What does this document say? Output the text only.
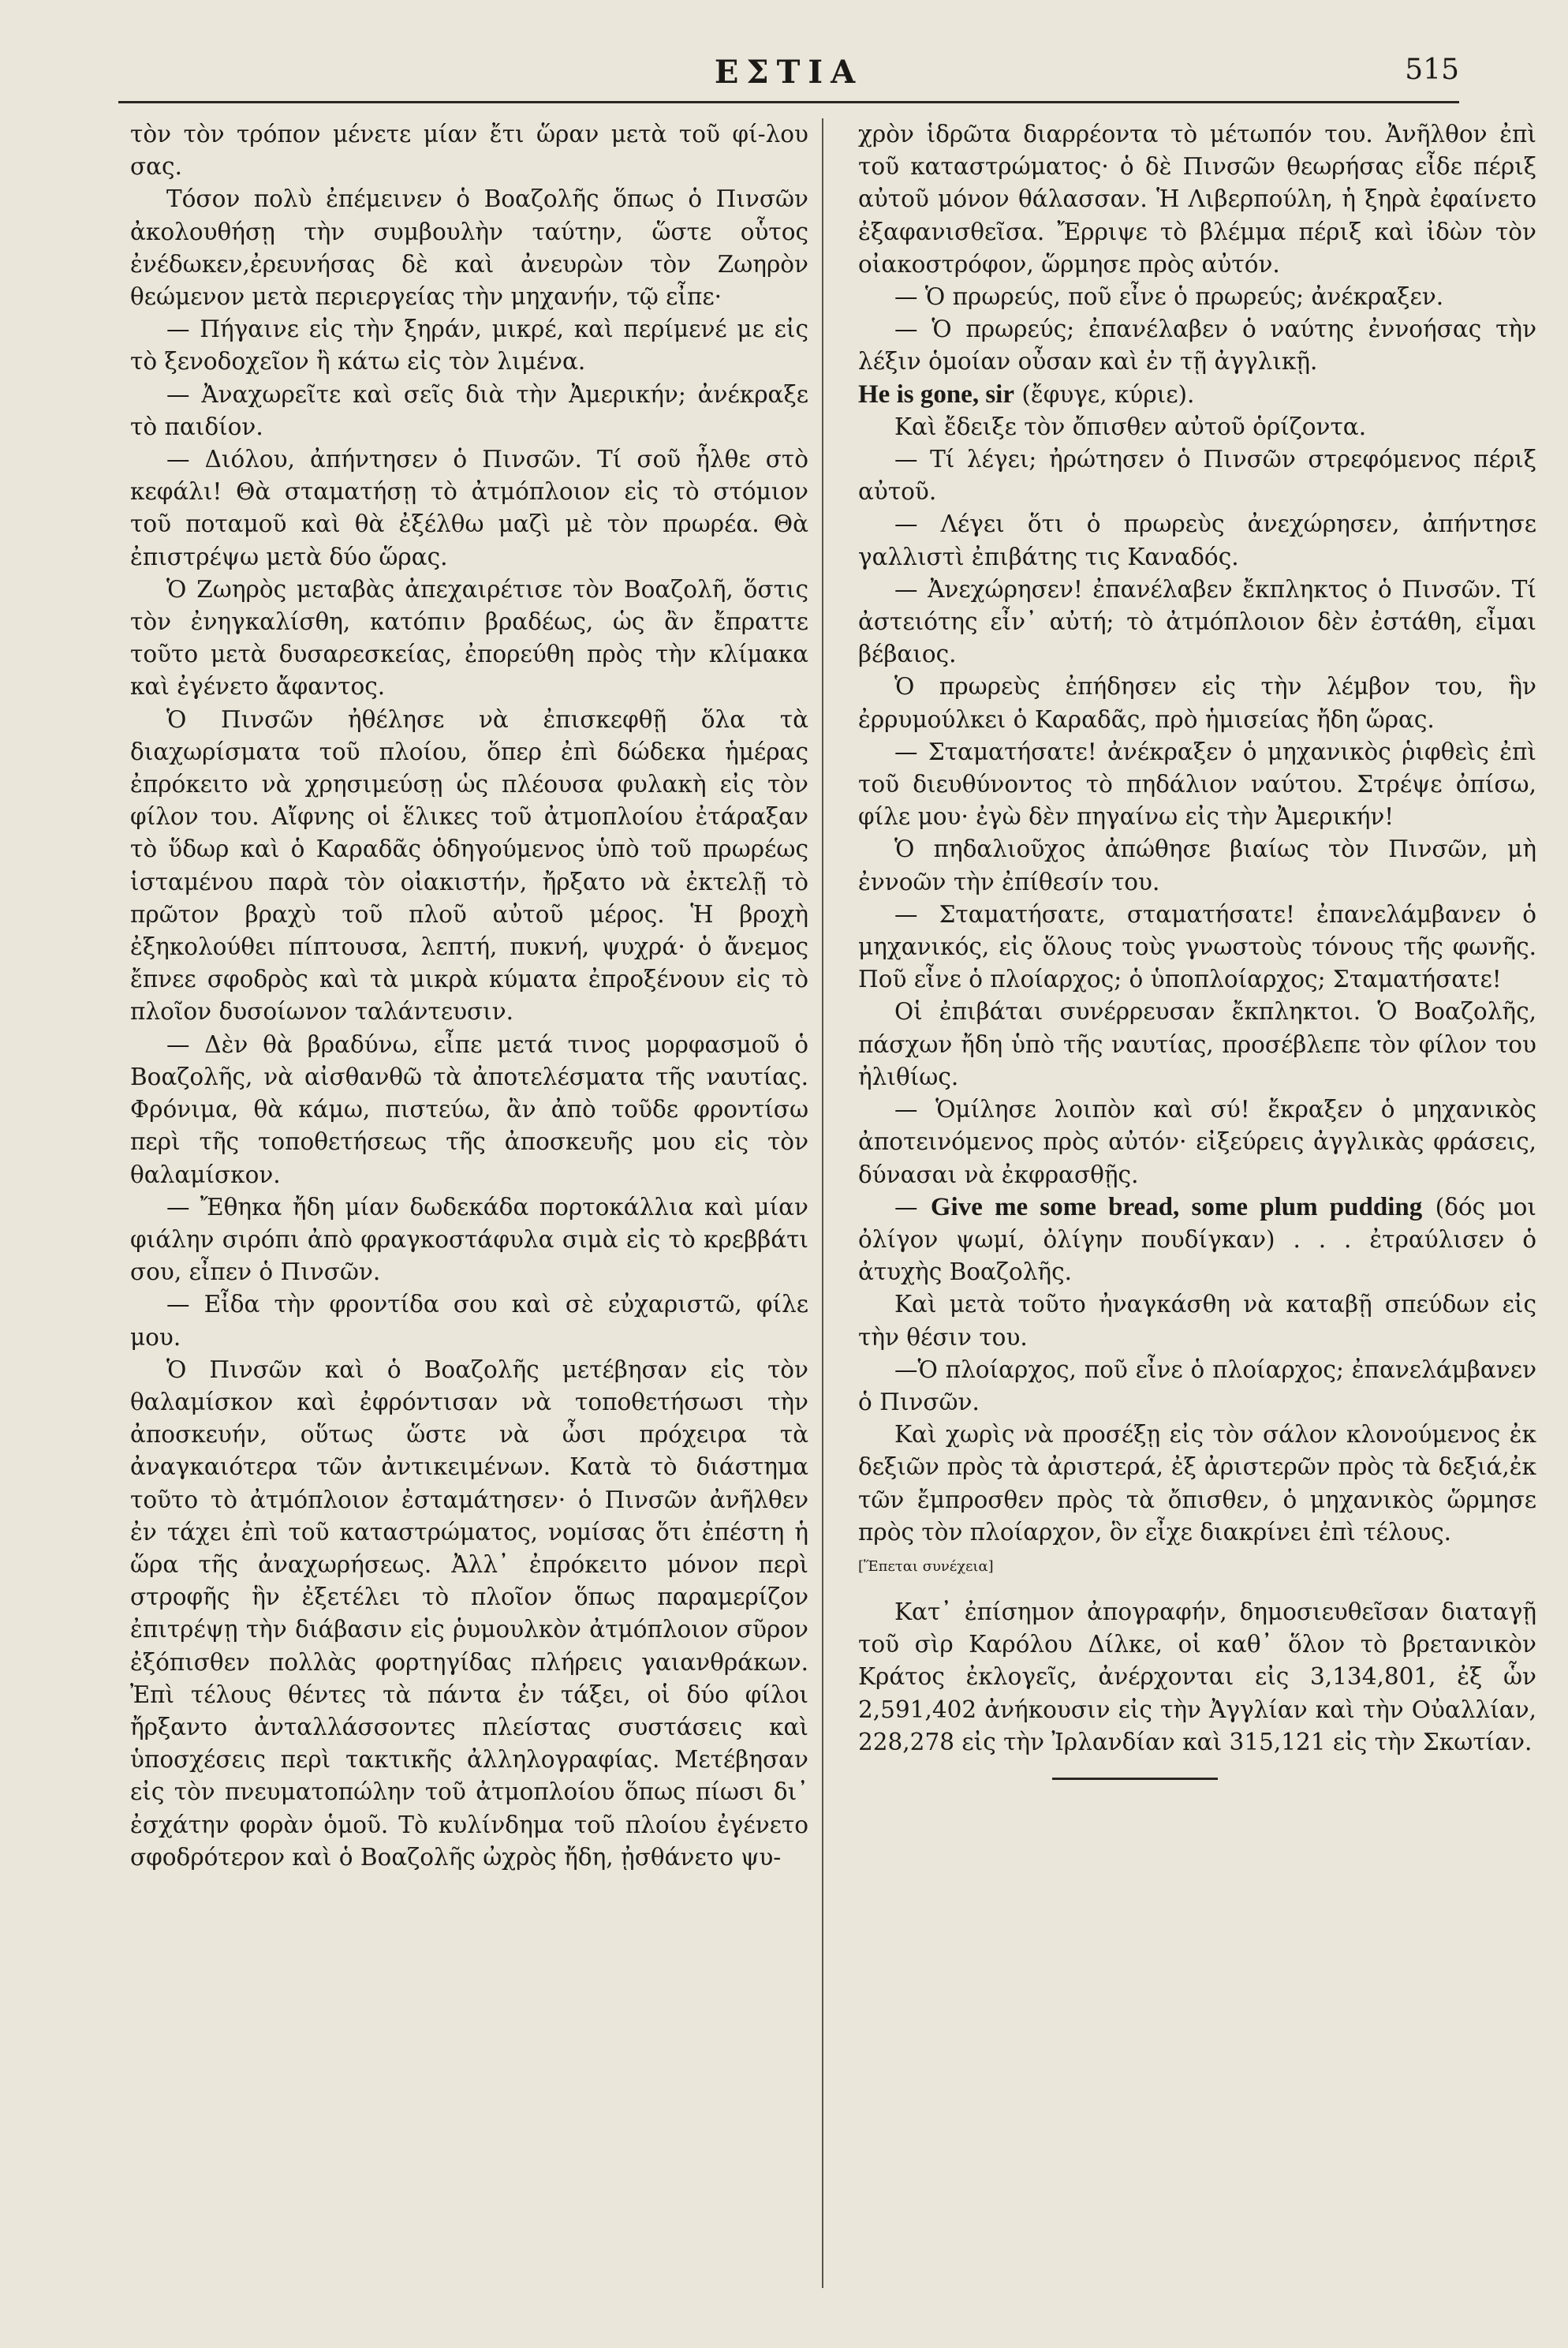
ΕΣΤΙΑ	515

τὸν τὸν τρόπον μένετε μίαν ἔτι ὥραν μετὰ τοῦ φί-λου σας.

Τόσον πολὺ ἐπέμεινεν ὁ Βοαζολῆς ὅπως ὁ Πινσῶν ἀκολουθήσῃ τὴν συμβουλὴν ταύτην, ὥστε οὗτος ἐνέδωκεν,ἐρευνήσας δὲ καὶ ἀνευρὼν τὸν Ζωηρὸν θεώμενον μετὰ περιεργείας τὴν μηχανήν, τῷ εἶπε·

— Πήγαινε εἰς τὴν ξηράν, μικρέ, καὶ περίμενέ με εἰς τὸ ξενοδοχεῖον ἢ κάτω εἰς τὸν λιμένα.

— Ἀναχωρεῖτε καὶ σεῖς διὰ τὴν Ἀμερικήν; ἀνέκραξε τὸ παιδίον.

— Διόλου, ἀπήντησεν ὁ Πινσῶν. Τί σοῦ ἦλθε στὸ κεφάλι! Θὰ σταματήσῃ τὸ ἀτμόπλοιον εἰς τὸ στόμιον τοῦ ποταμοῦ καὶ θὰ ἐξέλθω μαζὶ μὲ τὸν πρωρέα. Θὰ ἐπιστρέψω μετὰ δύο ὥρας.

Ὁ Ζωηρὸς μεταβὰς ἀπεχαιρέτισε τὸν Βοαζολῆ, ὅστις τὸν ἐνηγκαλίσθη, κατόπιν βραδέως, ὡς ἂν ἔπραττε τοῦτο μετὰ δυσαρεσκείας, ἐπορεύθη πρὸς τὴν κλίμακα καὶ ἐγένετο ἄφαντος.

Ὁ Πινσῶν ἠθέλησε νὰ ἐπισκεφθῇ ὅλα τὰ διαχωρίσματα τοῦ πλοίου, ὅπερ ἐπὶ δώδεκα ἡμέρας ἐπρόκειτο νὰ χρησιμεύσῃ ὡς πλέουσα φυλακὴ εἰς τὸν φίλον του. Αἴφνης οἱ ἕλικες τοῦ ἀτμοπλοίου ἐτάραξαν τὸ ὕδωρ καὶ ὁ Καραδᾶς ὁδηγούμενος ὑπὸ τοῦ πρωρέως ἱσταμένου παρὰ τὸν οἰακιστήν, ἤρξατο νὰ ἐκτελῇ τὸ πρῶτον βραχὺ τοῦ πλοῦ αὐτοῦ μέρος. Ἡ βροχὴ ἐξηκολούθει πίπτουσα, λεπτή, πυκνή, ψυχρά· ὁ ἄνεμος ἔπνεε σφοδρὸς καὶ τὰ μικρὰ κύματα ἐπροξένουν εἰς τὸ πλοῖον δυσοίωνον ταλάντευσιν.

— Δὲν θὰ βραδύνω, εἶπε μετά τινος μορφασμοῦ ὁ Βοαζολῆς, νὰ αἰσθανθῶ τὰ ἀποτελέσματα τῆς ναυτίας. Φρόνιμα, θὰ κάμω, πιστεύω, ἂν ἀπὸ τοῦδε φροντίσω περὶ τῆς τοποθετήσεως τῆς ἀποσκευῆς μου εἰς τὸν θαλαμίσκον.

— Ἔθηκα ἤδη μίαν δωδεκάδα πορτοκάλλια καὶ μίαν φιάλην σιρόπι ἀπὸ φραγκοστάφυλα σιμὰ εἰς τὸ κρεββάτι σου, εἶπεν ὁ Πινσῶν.

— Εἶδα τὴν φροντίδα σου καὶ σὲ εὐχαριστῶ, φίλε μου.

Ὁ Πινσῶν καὶ ὁ Βοαζολῆς μετέβησαν εἰς τὸν θαλαμίσκον καὶ ἐφρόντισαν νὰ τοποθετήσωσι τὴν ἀποσκευήν, οὕτως ὥστε νὰ ὦσι πρόχειρα τὰ ἀναγκαιότερα τῶν ἀντικειμένων. Κατὰ τὸ διάστημα τοῦτο τὸ ἀτμόπλοιον ἐσταμάτησεν· ὁ Πινσῶν ἀνῆλθεν ἐν τάχει ἐπὶ τοῦ καταστρώματος, νομίσας ὅτι ἐπέστη ἡ ὥρα τῆς ἀναχωρήσεως. Ἀλλ᾽ ἐπρόκειτο μόνον περὶ στροφῆς ἣν ἐξετέλει τὸ πλοῖον ὅπως παραμερίζον ἐπιτρέψῃ τὴν διάβασιν εἰς ῥυμουλκὸν ἀτμόπλοιον σῦρον ἐξόπισθεν πολλὰς φορτηγίδας πλήρεις γαιανθράκων. Ἐπὶ τέλους θέντες τὰ πάντα ἐν τάξει, οἱ δύο φίλοι ἤρξαντο ἀνταλλάσσοντες πλείστας συστάσεις καὶ ὑποσχέσεις περὶ τακτικῆς ἀλληλογραφίας. Μετέβησαν εἰς τὸν πνευματοπώλην τοῦ ἀτμοπλοίου ὅπως πίωσι δι᾽ ἐσχάτην φορὰν ὁμοῦ. Τὸ κυλίνδημα τοῦ πλοίου ἐγένετο σφοδρότερον καὶ ὁ Βοαζολῆς ὠχρὸς ἤδη, ᾐσθάνετο ψυ-

χρὸν ἱδρῶτα διαρρέοντα τὸ μέτωπόν του. Ἀνῆλθον ἐπὶ τοῦ καταστρώματος· ὁ δὲ Πινσῶν θεωρήσας εἶδε πέριξ αὐτοῦ μόνον θάλασσαν. Ἡ Λιβερπούλη, ἡ ξηρὰ ἐφαίνετο ἐξαφανισθεῖσα. Ἔρριψε τὸ βλέμμα πέριξ καὶ ἰδὼν τὸν οἰακοστρόφον, ὥρμησε πρὸς αὐτόν.

— Ὁ πρωρεύς, ποῦ εἶνε ὁ πρωρεύς; ἀνέκραξεν.

— Ὁ πρωρεύς; ἐπανέλαβεν ὁ ναύτης ἐννοήσας τὴν λέξιν ὁμοίαν οὖσαν καὶ ἐν τῇ ἀγγλικῇ.

He is gone, sir (ἔφυγε, κύριε).

Καὶ ἔδειξε τὸν ὄπισθεν αὐτοῦ ὁρίζοντα.

— Τί λέγει; ἠρώτησεν ὁ Πινσῶν στρεφόμενος πέριξ αὐτοῦ.

— Λέγει ὅτι ὁ πρωρεὺς ἀνεχώρησεν, ἀπήντησε γαλλιστὶ ἐπιβάτης τις Καναδός.

— Ἀνεχώρησεν! ἐπανέλαβεν ἔκπληκτος ὁ Πινσῶν. Τί ἀστειότης εἶν᾽ αὐτή; τὸ ἀτμόπλοιον δὲν ἐστάθη, εἶμαι βέβαιος.

Ὁ πρωρεὺς ἐπήδησεν εἰς τὴν λέμβον του, ἣν ἐρρυμούλκει ὁ Καραδᾶς, πρὸ ἡμισείας ἤδη ὥρας.

— Σταματήσατε! ἀνέκραξεν ὁ μηχανικὸς ῥιφθεὶς ἐπὶ τοῦ διευθύνοντος τὸ πηδάλιον ναύτου. Στρέψε ὀπίσω, φίλε μου· ἐγὼ δὲν πηγαίνω εἰς τὴν Ἀμερικήν!

Ὁ πηδαλιοῦχος ἀπώθησε βιαίως τὸν Πινσῶν, μὴ ἐννοῶν τὴν ἐπίθεσίν του.

— Σταματήσατε, σταματήσατε! ἐπανελάμβανεν ὁ μηχανικός, εἰς ὅλους τοὺς γνωστοὺς τόνους τῆς φωνῆς. Ποῦ εἶνε ὁ πλοίαρχος; ὁ ὑποπλοίαρχος; Σταματήσατε!

Οἱ ἐπιβάται συνέρρευσαν ἔκπληκτοι. Ὁ Βοαζολῆς, πάσχων ἤδη ὑπὸ τῆς ναυτίας, προσέβλεπε τὸν φίλον του ἠλιθίως.

— Ὁμίλησε λοιπὸν καὶ σύ! ἔκραξεν ὁ μηχανικὸς ἀποτεινόμενος πρὸς αὐτόν· εἰξεύρεις ἀγγλικὰς φράσεις, δύνασαι νὰ ἐκφρασθῇς.

— Give me some bread, some plum pudding (δός μοι ὀλίγον ψωμί, ὀλίγην πουδίγκαν) . . . ἐτραύλισεν ὁ ἀτυχὴς Βοαζολῆς.

Καὶ μετὰ τοῦτο ἠναγκάσθη νὰ καταβῇ σπεύδων εἰς τὴν θέσιν του.

—Ὁ πλοίαρχος, ποῦ εἶνε ὁ πλοίαρχος; ἐπανελάμβανεν ὁ Πινσῶν.

Καὶ χωρὶς νὰ προσέξῃ εἰς τὸν σάλον κλονούμενος ἐκ δεξιῶν πρὸς τὰ ἀριστερά, ἐξ ἀριστερῶν πρὸς τὰ δεξιά,ἐκ τῶν ἔμπροσθεν πρὸς τὰ ὄπισθεν, ὁ μηχανικὸς ὥρμησε πρὸς τὸν πλοίαρχον, ὃν εἶχε διακρίνει ἐπὶ τέλους.

[Ἕπεται συνέχεια]

Κατ᾽ ἐπίσημον ἀπογραφήν, δημοσιευθεῖσαν διαταγῇ τοῦ σὶρ Καρόλου Δίλκε, οἱ καθ᾽ ὅλον τὸ βρετανικὸν Κράτος ἐκλογεῖς, ἀνέρχονται εἰς 3,134,801, ἐξ ὧν 2,591,402 ἀνήκουσιν εἰς τὴν Ἀγγλίαν καὶ τὴν Οὐαλλίαν, 228,278 εἰς τὴν Ἰρλανδίαν καὶ 315,121 εἰς τὴν Σκωτίαν.
